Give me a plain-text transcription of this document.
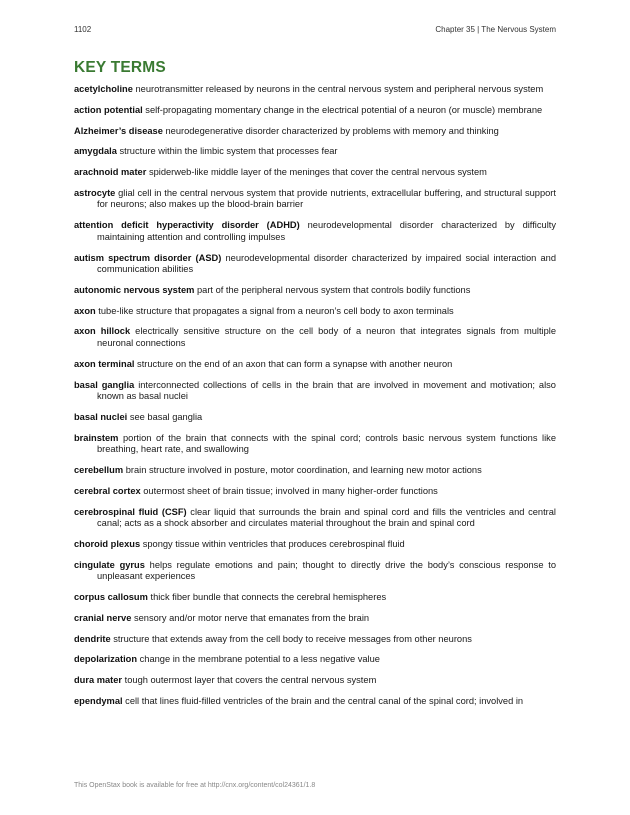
1102	Chapter 35 | The Nervous System
KEY TERMS
acetylcholine neurotransmitter released by neurons in the central nervous system and peripheral nervous system
action potential self-propagating momentary change in the electrical potential of a neuron (or muscle) membrane
Alzheimer’s disease neurodegenerative disorder characterized by problems with memory and thinking
amygdala structure within the limbic system that processes fear
arachnoid mater spiderweb-like middle layer of the meninges that cover the central nervous system
astrocyte glial cell in the central nervous system that provide nutrients, extracellular buffering, and structural support for neurons; also makes up the blood-brain barrier
attention deficit hyperactivity disorder (ADHD) neurodevelopmental disorder characterized by difficulty maintaining attention and controlling impulses
autism spectrum disorder (ASD) neurodevelopmental disorder characterized by impaired social interaction and communication abilities
autonomic nervous system part of the peripheral nervous system that controls bodily functions
axon tube-like structure that propagates a signal from a neuron’s cell body to axon terminals
axon hillock electrically sensitive structure on the cell body of a neuron that integrates signals from multiple neuronal connections
axon terminal structure on the end of an axon that can form a synapse with another neuron
basal ganglia interconnected collections of cells in the brain that are involved in movement and motivation; also known as basal nuclei
basal nuclei see basal ganglia
brainstem portion of the brain that connects with the spinal cord; controls basic nervous system functions like breathing, heart rate, and swallowing
cerebellum brain structure involved in posture, motor coordination, and learning new motor actions
cerebral cortex outermost sheet of brain tissue; involved in many higher-order functions
cerebrospinal fluid (CSF) clear liquid that surrounds the brain and spinal cord and fills the ventricles and central canal; acts as a shock absorber and circulates material throughout the brain and spinal cord
choroid plexus spongy tissue within ventricles that produces cerebrospinal fluid
cingulate gyrus helps regulate emotions and pain; thought to directly drive the body’s conscious response to unpleasant experiences
corpus callosum thick fiber bundle that connects the cerebral hemispheres
cranial nerve sensory and/or motor nerve that emanates from the brain
dendrite structure that extends away from the cell body to receive messages from other neurons
depolarization change in the membrane potential to a less negative value
dura mater tough outermost layer that covers the central nervous system
ependymal cell that lines fluid-filled ventricles of the brain and the central canal of the spinal cord; involved in
This OpenStax book is available for free at http://cnx.org/content/col24361/1.8
